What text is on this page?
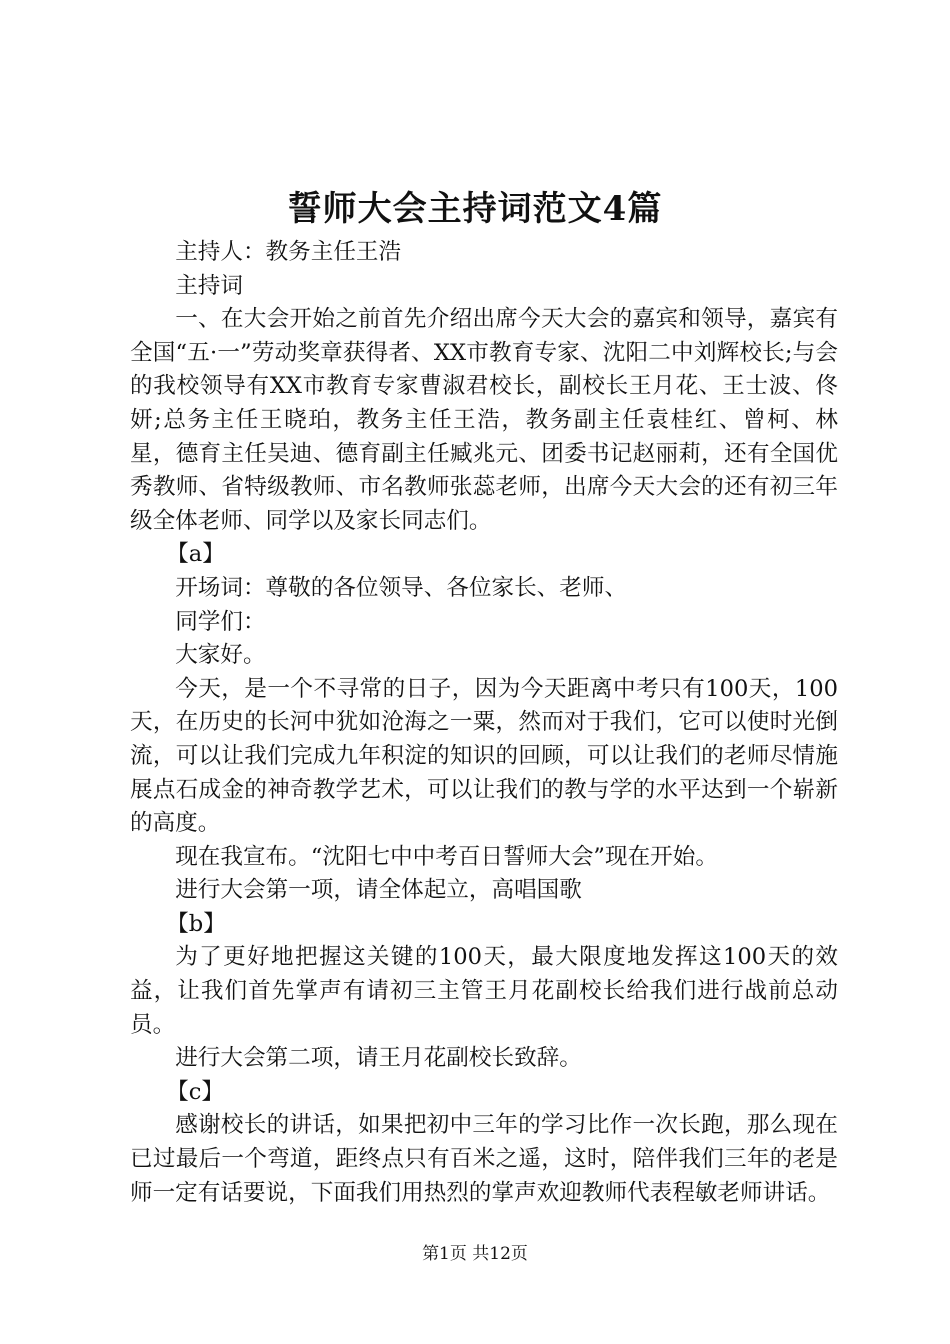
誓师大会主持词范文4篇

主持人：教务主任王浩

主持词

一、在大会开始之前首先介绍出席今天大会的嘉宾和领导，嘉宾有全国“五·一”劳动奖章获得者、XX市教育专家、沈阳二中刘辉校长;与会的我校领导有XX市教育专家曹淑君校长，副校长王月花、王士波、佟妍;总务主任王晓珀，教务主任王浩，教务副主任袁桂红、曾柯、林星，德育主任吴迪、德育副主任臧兆元、团委书记赵丽莉，还有全国优秀教师、省特级教师、市名教师张蕊老师，出席今天大会的还有初三年级全体老师、同学以及家长同志们。

【a】

开场词：尊敬的各位领导、各位家长、老师、

同学们：

大家好。

今天，是一个不寻常的日子，因为今天距离中考只有100天，100天，在历史的长河中犹如沧海之一粟，然而对于我们，它可以使时光倒流，可以让我们完成九年积淀的知识的回顾，可以让我们的老师尽情施展点石成金的神奇教学艺术，可以让我们的教与学的水平达到一个崭新的高度。

现在我宣布。“沈阳七中中考百日誓师大会”现在开始。

进行大会第一项，请全体起立，高唱国歌

【b】

为了更好地把握这关键的100天，最大限度地发挥这100天的效益，让我们首先掌声有请初三主管王月花副校长给我们进行战前总动员。

进行大会第二项，请王月花副校长致辞。

【c】

感谢校长的讲话，如果把初中三年的学习比作一次长跑，那么现在已过最后一个弯道，距终点只有百米之遥，这时，陪伴我们三年的老是师一定有话要说，下面我们用热烈的掌声欢迎教师代表程敏老师讲话。

第1页 共12页
